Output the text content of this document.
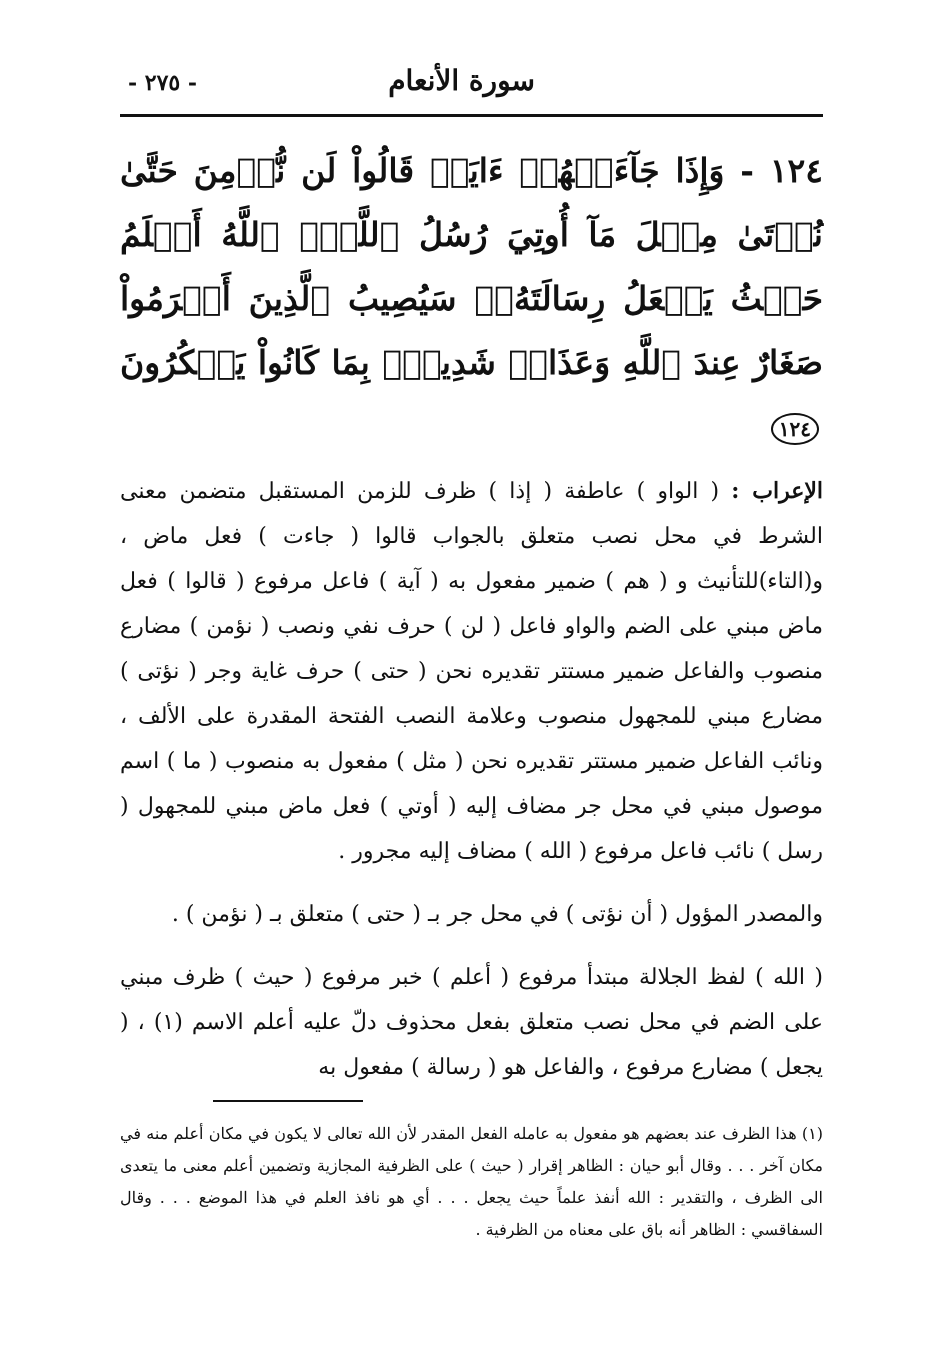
سورة الأنعام
- ٢٧٥ -
١٢٤ - وَإِذَا جَآءَتۡهُمۡ ءَايَةٞ قَالُواْ لَن نُّؤۡمِنَ حَتَّىٰ نُؤۡتَىٰ مِثۡلَ مَآ أُوتِيَ رُسُلُ ٱللَّهِۘ ٱللَّهُ أَعۡلَمُ حَيۡثُ يَجۡعَلُ رِسَالَتَهُۥۗ سَيُصِيبُ ٱلَّذِينَ أَجۡرَمُواْ صَغَارٌ عِندَ ٱللَّهِ وَعَذَابٞ شَدِيدُۢ بِمَا كَانُواْ يَمۡكُرُونَ ١٢٤

الإعراب : ( الواو ) عاطفة ( إذا ) ظرف للزمن المستقبل متضمن معنى الشرط في محل نصب متعلق بالجواب قالوا ( جاءت ) فعل ماض ، و(التاء)للتأنيث و ( هم ) ضمير مفعول به ( آية ) فاعل مرفوع ( قالوا ) فعل ماض مبني على الضم والواو فاعل ( لن ) حرف نفي ونصب ( نؤمن ) مضارع منصوب والفاعل ضمير مستتر تقديره نحن ( حتى ) حرف غاية وجر ( نؤتى ) مضارع مبني للمجهول منصوب وعلامة النصب الفتحة المقدرة على الألف ، ونائب الفاعل ضمير مستتر تقديره نحن ( مثل ) مفعول به منصوب ( ما ) اسم موصول مبني في محل جر مضاف إليه ( أوتي ) فعل ماض مبني للمجهول ( رسل ) نائب فاعل مرفوع ( الله ) مضاف إليه مجرور .

والمصدر المؤول ( أن نؤتى ) في محل جر بـ ( حتى ) متعلق بـ ( نؤمن ) .

( الله ) لفظ الجلالة مبتدأ مرفوع ( أعلم ) خبر مرفوع ( حيث ) ظرف مبني على الضم في محل نصب متعلق بفعل محذوف دلّ عليه أعلم الاسم (١) ، ( يجعل ) مضارع مرفوع ، والفاعل هو ( رسالة ) مفعول به

(١) هذا الظرف عند بعضهم هو مفعول به عامله الفعل المقدر لأن الله تعالى لا يكون في مكان أعلم منه في مكان آخر . . . وقال أبو حيان : الظاهر إقرار ( حيث ) على الظرفية المجازية وتضمين أعلم معنى ما يتعدى الى الظرف ، والتقدير : الله أنفذ علماً حيث يجعل . . . أي هو نافذ العلم في هذا الموضع . . . وقال السفاقسي : الظاهر أنه باق على معناه من الظرفية .
